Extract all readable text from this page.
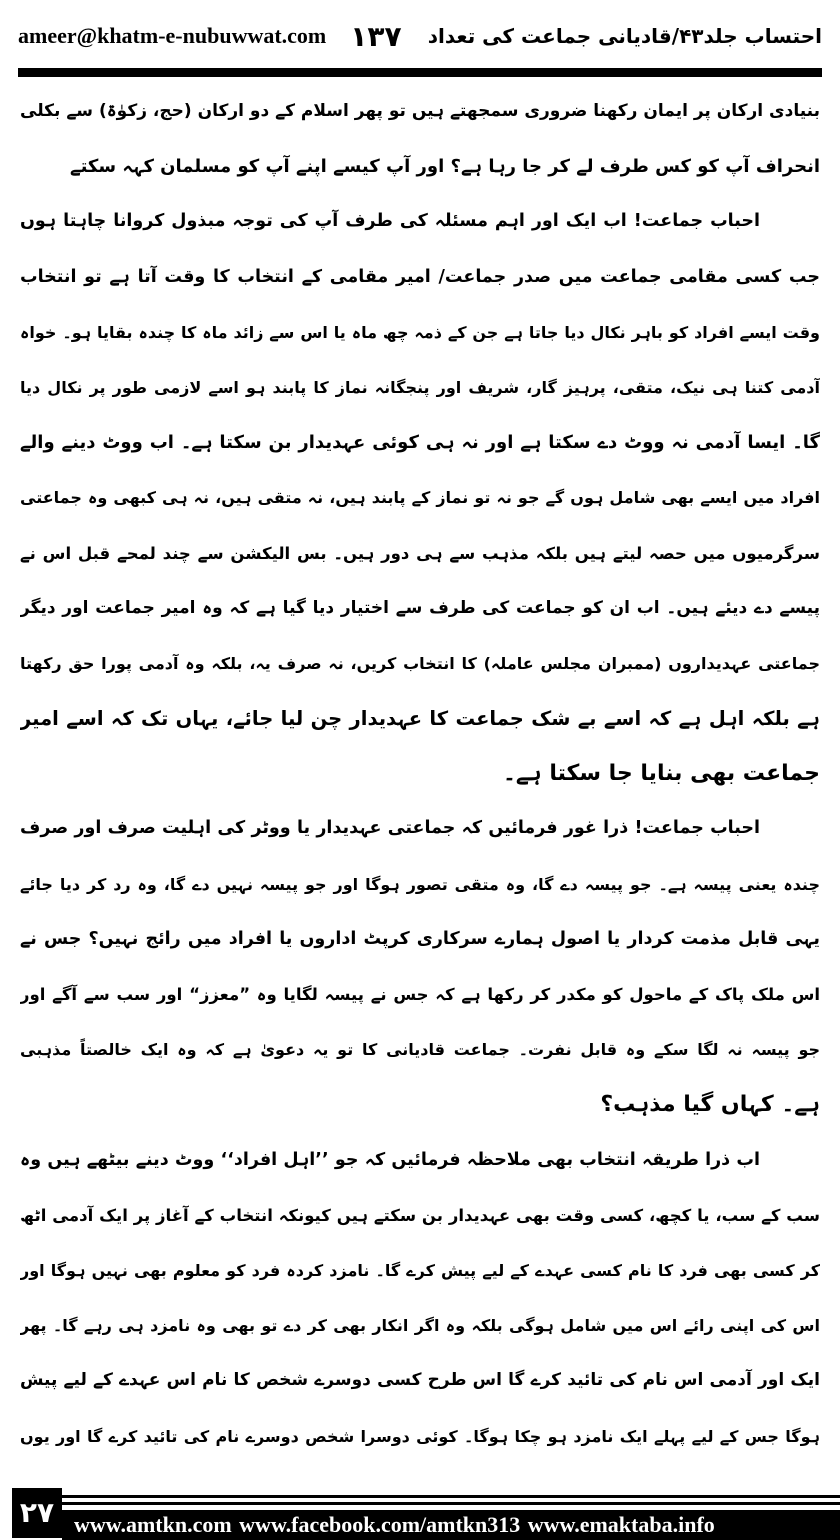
ameer@khatm-e-nubuwwat.com ۱۳۷ احتساب جلد۴۳/قادیانی جماعت کی تعداد
بنیادی ارکان پر ایمان رکھنا ضروری سمجھتے ہیں تو پھر اسلام کے دو ارکان (حج، زکوٰۃ) سے بکلی
انحراف آپ کو کس طرف لے کر جا رہا ہے؟ اور آپ کیسے اپنے آپ کو مسلمان کہہ سکتے
احباب جماعت! اب ایک اور اہم مسئلہ کی طرف آپ کی توجہ مبذول کروانا چاہتا ہوں
جب کسی مقامی جماعت میں صدر جماعت/ امیر مقامی کے انتخاب کا وقت آتا ہے تو انتخاب
وقت ایسے افراد کو باہر نکال دیا جاتا ہے جن کے ذمہ چھ ماہ یا اس سے زائد ماہ کا چندہ بقایا ہو۔ خواہ
آدمی کتنا ہی نیک، متقی، پرہیز گار، شریف اور پنجگانہ نماز کا پابند ہو اسے لازمی طور پر نکال دیا
گا۔ ایسا آدمی نہ ووٹ دے سکتا ہے اور نہ ہی کوئی عہدیدار بن سکتا ہے۔ اب ووٹ دینے والے
افراد میں ایسے بھی شامل ہوں گے جو نہ تو نماز کے پابند ہیں، نہ متقی ہیں، نہ ہی کبھی وہ جماعتی
سرگرمیوں میں حصہ لیتے ہیں بلکہ مذہب سے ہی دور ہیں۔ بس الیکشن سے چند لمحے قبل اس نے
پیسے دے دیئے ہیں۔ اب ان کو جماعت کی طرف سے اختیار دیا گیا ہے کہ وہ امیر جماعت اور دیگر
جماعتی عہدیداروں (ممبران مجلس عاملہ) کا انتخاب کریں، نہ صرف یہ، بلکہ وہ آدمی پورا حق رکھتا
ہے بلکہ اہل ہے کہ اسے بے شک جماعت کا عہدیدار چن لیا جائے، یہاں تک کہ اسے امیر
جماعت بھی بنایا جا سکتا ہے۔
احباب جماعت! ذرا غور فرمائیں کہ جماعتی عہدیدار یا ووٹر کی اہلیت صرف اور صرف
چندہ یعنی پیسہ ہے۔ جو پیسہ دے گا، وہ متقی تصور ہوگا اور جو پیسہ نہیں دے گا، وہ رد کر دیا جائے
یہی قابل مذمت کردار یا اصول ہمارے سرکاری کرپٹ اداروں یا افراد میں رائج نہیں؟ جس نے
اس ملک پاک کے ماحول کو مکدر کر رکھا ہے کہ جس نے پیسہ لگایا وہ ”معزز“ اور سب سے آگے اور
جو پیسہ نہ لگا سکے وہ قابل نفرت۔ جماعت قادیانی کا تو یہ دعویٰ ہے کہ وہ ایک خالصتاً مذہبی
ہے۔ کہاں گیا مذہب؟
اب ذرا طریقہ انتخاب بھی ملاحظہ فرمائیں کہ جو ’’اہل افراد‘‘ ووٹ دینے بیٹھے ہیں وہ
سب کے سب، یا کچھ، کسی وقت بھی عہدیدار بن سکتے ہیں کیونکہ انتخاب کے آغاز پر ایک آدمی اٹھ
کر کسی بھی فرد کا نام کسی عہدے کے لیے پیش کرے گا۔ نامزد کردہ فرد کو معلوم بھی نہیں ہوگا اور
اس کی اپنی رائے اس میں شامل ہوگی بلکہ وہ اگر انکار بھی کر دے تو بھی وہ نامزد ہی رہے گا۔ پھر
ایک اور آدمی اس نام کی تائید کرے گا اس طرح کسی دوسرے شخص کا نام اس عہدے کے لیے پیش
ہوگا جس کے لیے پہلے ایک نامزد ہو چکا ہوگا۔ کوئی دوسرا شخص دوسرے نام کی تائید کرے گا اور یوں
۲۷ www.amtkn.com www.facebook.com/amtkn313 www.emaktaba.info
